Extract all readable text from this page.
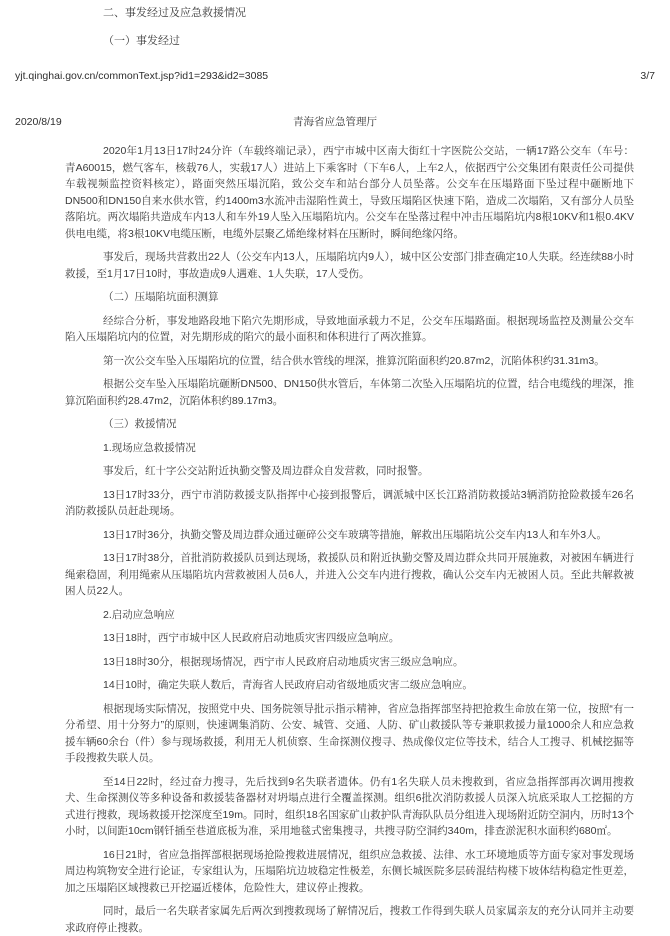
二、事发经过及应急救援情况

（一）事发经过

yjt.qinghai.gov.cn/commonText.jsp?id1=293&id2=3085	3/7
2020/8/19	青海省应急管理厅

2020年1月13日17时24分许（车载终端记录），西宁市城中区南大街红十字医院公交站，一辆17路公交车（车号：青A60015，燃气客车，核载76人，实载17人）进站上下乘客时（下车6人，上车2人，依据西宁公交集团有限责任公司提供车载视频监控资料核定），路面突然压塌沉陷，致公交车和站台部分人员坠落。公交车在压塌路面下坠过程中砸断地下DN500和DN150自来水供水管，约1400m3水流冲击湿陷性黄土，导致压塌陷区快速下陷，造成二次塌陷，又有部分人员坠落陷坑。两次塌陷共造成车内13人和车外19人坠入压塌陷坑内。公交车在坠落过程中冲击压塌陷坑内8根10KV和1根0.4KV供电电缆，将3根10KV电缆压断，电缆外层聚乙烯绝缘材料在压断时，瞬间绝缘闪络。

事发后，现场共营救出22人（公交车内13人，压塌陷坑内9人），城中区公安部门排查确定10人失联。经连续88小时救援，至1月17日10时，事故造成9人遇难、1人失联，17人受伤。

（二）压塌陷坑面积测算

经综合分析，事发地路段地下陷穴先期形成，导致地面承载力不足，公交车压塌路面。根据现场监控及测量公交车陷入压塌陷坑内的位置，对先期形成的陷穴的最小面积和体积进行了两次推算。

第一次公交车坠入压塌陷坑的位置，结合供水管线的埋深，推算沉陷面积约20.87m2，沉陷体积约31.31m3。

根据公交车坠入压塌陷坑砸断DN500、DN150供水管后，车体第二次坠入压塌陷坑的位置，结合电缆线的埋深，推算沉陷面积约28.47m2，沉陷体积约89.17m3。

（三）救援情况

1.现场应急救援情况

事发后，红十字公交站附近执勤交警及周边群众自发营救，同时报警。

13日17时33分，西宁市消防救援支队指挥中心接到报警后，调派城中区长江路消防救援站3辆消防抢险救援车26名消防救援队员赶赴现场。

13日17时36分，执勤交警及周边群众通过砸碎公交车玻璃等措施，解救出压塌陷坑公交车内13人和车外3人。

13日17时38分，首批消防救援队员到达现场，救援队员和附近执勤交警及周边群众共同开展施救，对被困车辆进行绳索稳固，利用绳索从压塌陷坑内营救被困人员6人，并进入公交车内进行搜救，确认公交车内无被困人员。至此共解救被困人员22人。

2.启动应急响应

13日18时，西宁市城中区人民政府启动地质灾害四级应急响应。

13日18时30分，根据现场情况，西宁市人民政府启动地质灾害三级应急响应。

14日10时，确定失联人数后，青海省人民政府启动省级地质灾害二级应急响应。

根据现场实际情况，按照党中央、国务院领导批示指示精神，省应急指挥部坚持把抢救生命放在第一位，按照“有一分希望、用十分努力”的原则，快速调集消防、公安、城管、交通、人防、矿山救援队等专兼职救援力量1000余人和应急救援车辆60余台（件）参与现场救援，利用无人机侦察、生命探测仪搜寻、热成像仪定位等技术，结合人工搜寻、机械挖掘等手段搜救失联人员。

至14日22时，经过奋力搜寻，先后找到9名失联者遗体。仍有1名失联人员未搜救到，省应急指挥部再次调用搜救犬、生命探测仪等多种设备和救援装备器材对坍塌点进行全覆盖探测。组织6批次消防救援人员深入坑底采取人工挖掘的方式进行搜救，现场救援开挖深度至19m。同时，组织18名国家矿山救护队青海队队员分组进入现场附近防空洞内，历时13个小时，以间距10cm钢钎插至巷道底板为准，采用地毯式密集搜寻，共搜寻防空洞约340m，排查淤泥积水面积约680㎡。

16日21时，省应急指挥部根据现场抢险搜救进展情况，组织应急救援、法律、水工环境地质等方面专家对事发现场周边构筑物安全进行论证，专家组认为，压塌陷坑边坡稳定性极差，东侧长城医院多层砖混结构楼下坡体结构稳定性更差，加之压塌陷区域搜救已开挖逼近楼体，危险性大，建议停止搜救。

同时，最后一名失联者家属先后两次到搜救现场了解情况后，搜救工作得到失联人员家属亲友的充分认同并主动要求政府停止搜救。
